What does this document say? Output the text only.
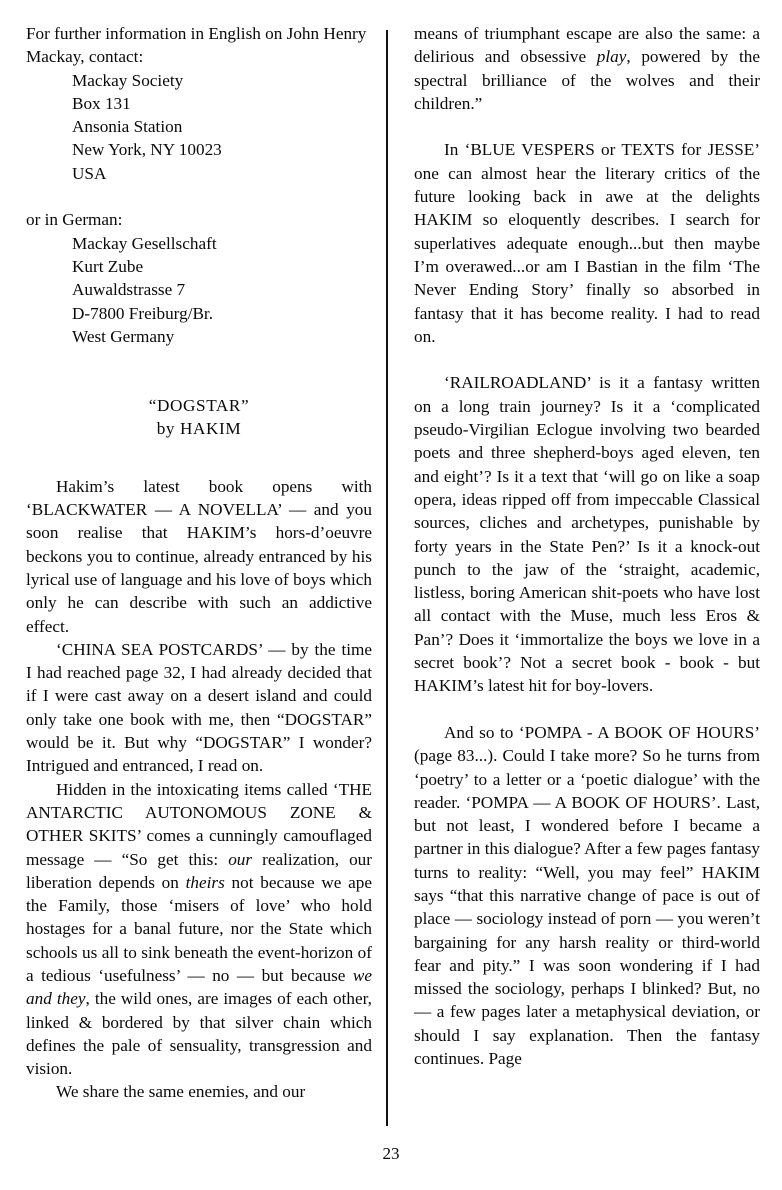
For further information in English on John Henry Mackay, contact:

Mackay Society
Box 131
Ansonia Station
New York, NY 10023
USA

or in German:

Mackay Gesellschaft
Kurt Zube
Auwaldstrasse 7
D-7800 Freiburg/Br.
West Germany
“DOGSTAR”
by HAKIM

Hakim’s latest book opens with ‘BLACKWATER — A NOVELLA’ — and you soon realise that HAKIM’s hors-d’oeuvre beckons you to continue, already entranced by his lyrical use of language and his love of boys which only he can describe with such an addictive effect.

‘CHINA SEA POSTCARDS’ — by the time I had reached page 32, I had already decided that if I were cast away on a desert island and could only take one book with me, then “DOGSTAR” would be it. But why “DOGSTAR” I wonder? Intrigued and entranced, I read on.

Hidden in the intoxicating items called ‘THE ANTARCTIC AUTONOMOUS ZONE & OTHER SKITS’ comes a cunningly camouflaged message — “So get this: our realization, our liberation depends on theirs not because we ape the Family, those ‘misers of love’ who hold hostages for a banal future, nor the State which schools us all to sink beneath the event-horizon of a tedious ‘usefulness’ — no — but because we and they, the wild ones, are images of each other, linked & bordered by that silver chain which defines the pale of sensuality, transgression and vision.

We share the same enemies, and our

means of triumphant escape are also the same: a delirious and obsessive play, powered by the spectral brilliance of the wolves and their children.”

In ‘BLUE VESPERS or TEXTS for JESSE’ one can almost hear the literary critics of the future looking back in awe at the delights HAKIM so eloquently describes. I search for superlatives adequate enough...but then maybe I’m overawed...or am I Bastian in the film ‘The Never Ending Story’ finally so absorbed in fantasy that it has become reality. I had to read on.

‘RAILROADLAND’ is it a fantasy written on a long train journey? Is it a ‘complicated pseudo-Virgilian Eclogue involving two bearded poets and three shepherd-boys aged eleven, ten and eight’? Is it a text that ‘will go on like a soap opera, ideas ripped off from impeccable Classical sources, cliches and archetypes, punishable by forty years in the State Pen?’ Is it a knock-out punch to the jaw of the ‘straight, academic, listless, boring American shit-poets who have lost all contact with the Muse, much less Eros & Pan’? Does it ‘immortalize the boys we love in a secret book’? Not a secret book - book - but HAKIM’s latest hit for boy-lovers.

And so to ‘POMPA - A BOOK OF HOURS’ (page 83...). Could I take more? So he turns from ‘poetry’ to a letter or a ‘poetic dialogue’ with the reader. ‘POMPA — A BOOK OF HOURS’. Last, but not least, I wondered before I became a partner in this dialogue? After a few pages fantasy turns to reality: “Well, you may feel” HAKIM says “that this narrative change of pace is out of place — sociology instead of porn — you weren’t bargaining for any harsh reality or third-world fear and pity.” I was soon wondering if I had missed the sociology, perhaps I blinked? But, no — a few pages later a metaphysical deviation, or should I say explanation. Then the fantasy continues. Page

23
